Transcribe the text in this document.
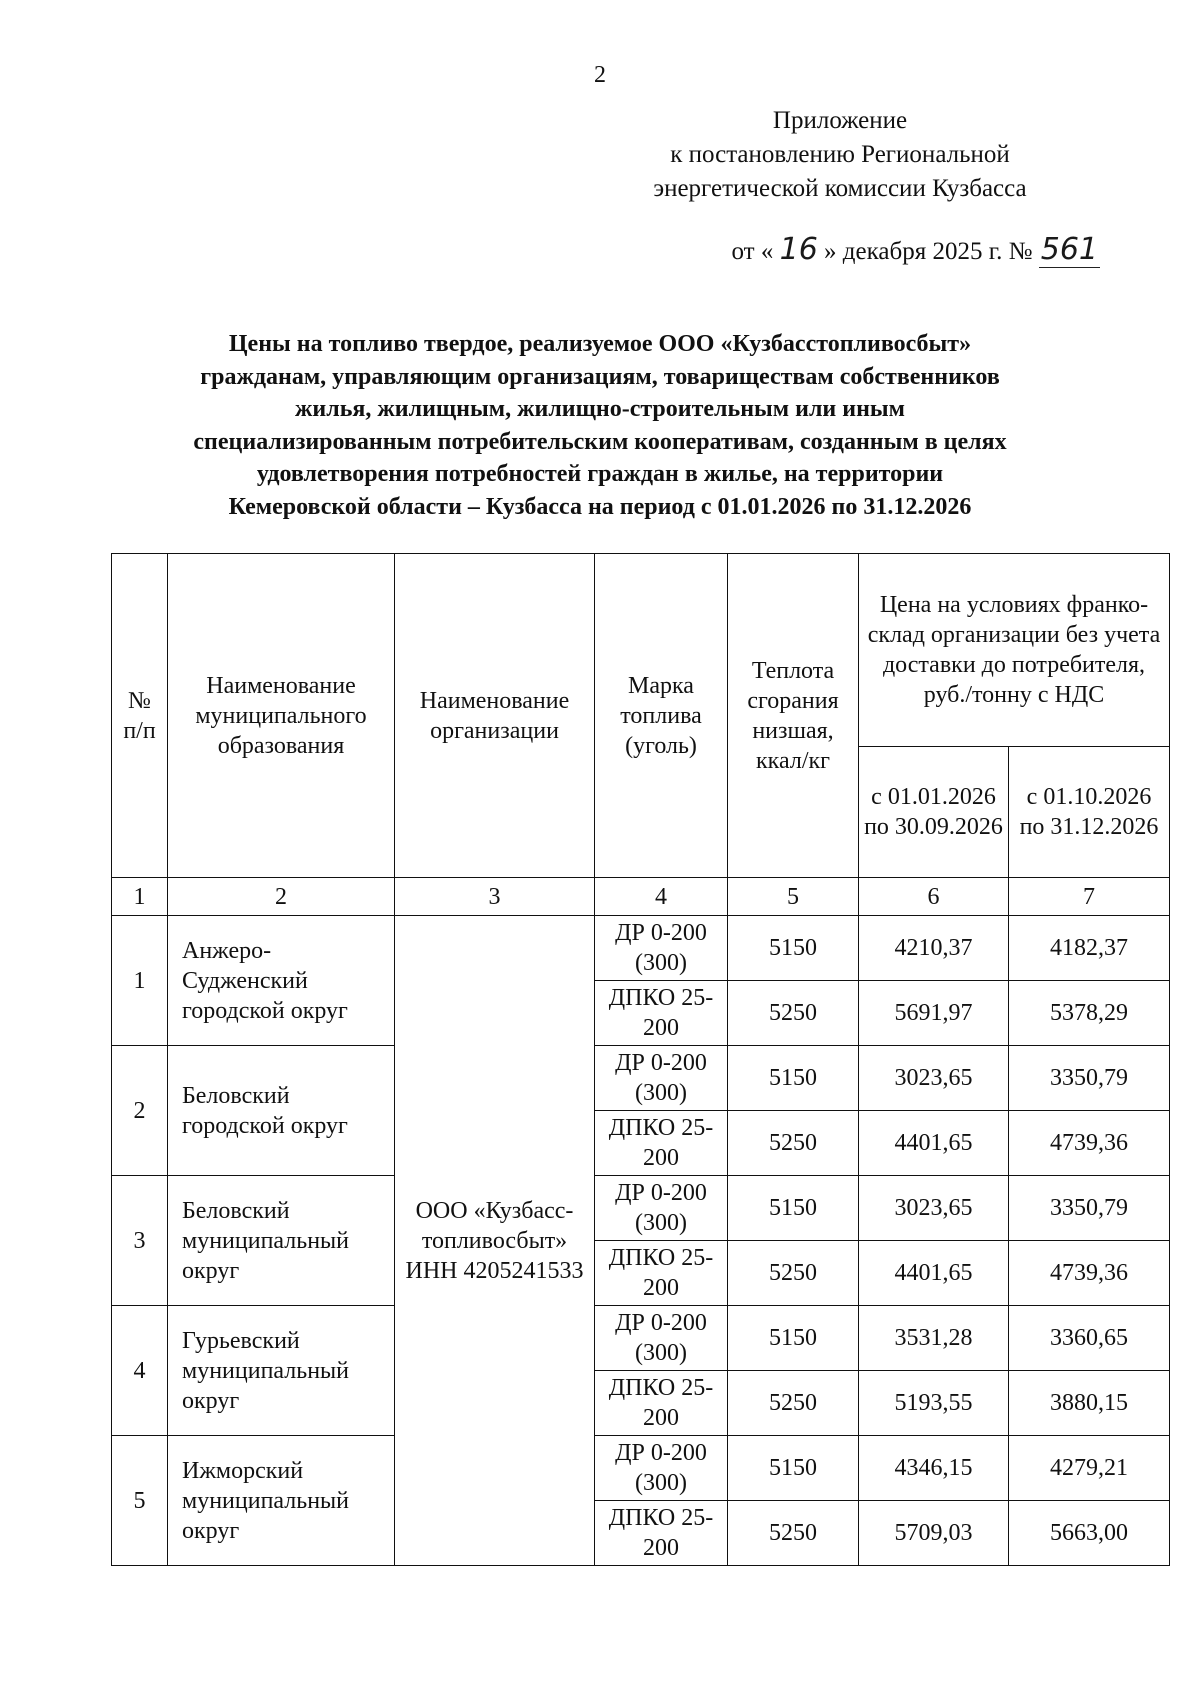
2
Приложение
к постановлению Региональной
энергетической комиссии Кузбасса
от « 16 » декабря 2025 г. № 561
Цены на топливо твердое, реализуемое ООО «Кузбасстопливосбыт»
гражданам, управляющим организациям, товариществам собственников
жилья, жилищным, жилищно-строительным или иным
специализированным потребительским кооперативам, созданным в целях
удовлетворения потребностей граждан в жилье, на территории
Кемеровской области – Кузбасса на период с 01.01.2026 по 31.12.2026
№ п/п	Наименование муниципального образования	Наименование организации	Марка топлива (уголь)	Теплота сгорания низшая, ккал/кг	Цена на условиях франко-склад организации без учета доставки до потребителя, руб./тонну с НДС	
					с 01.01.2026 по 30.09.2026	с 01.10.2026 по 31.12.2026
1	2	3	4	5	6	7
1	Анжеро-Судженский городской округ	ООО «Кузбасс-топливосбыт» ИНН 4205241533	ДР 0-200 (300)	5150	4210,37	4182,37
			ДПКО 25-200	5250	5691,97	5378,29
2	Беловский городской округ		ДР 0-200 (300)	5150	3023,65	3350,79
			ДПКО 25-200	5250	4401,65	4739,36
3	Беловский муниципальный округ		ДР 0-200 (300)	5150	3023,65	3350,79
			ДПКО 25-200	5250	4401,65	4739,36
4	Гурьевский муниципальный округ		ДР 0-200 (300)	5150	3531,28	3360,65
			ДПКО 25-200	5250	5193,55	3880,15
5	Ижморский муниципальный округ		ДР 0-200 (300)	5150	4346,15	4279,21
			ДПКО 25-200	5250	5709,03	5663,00
